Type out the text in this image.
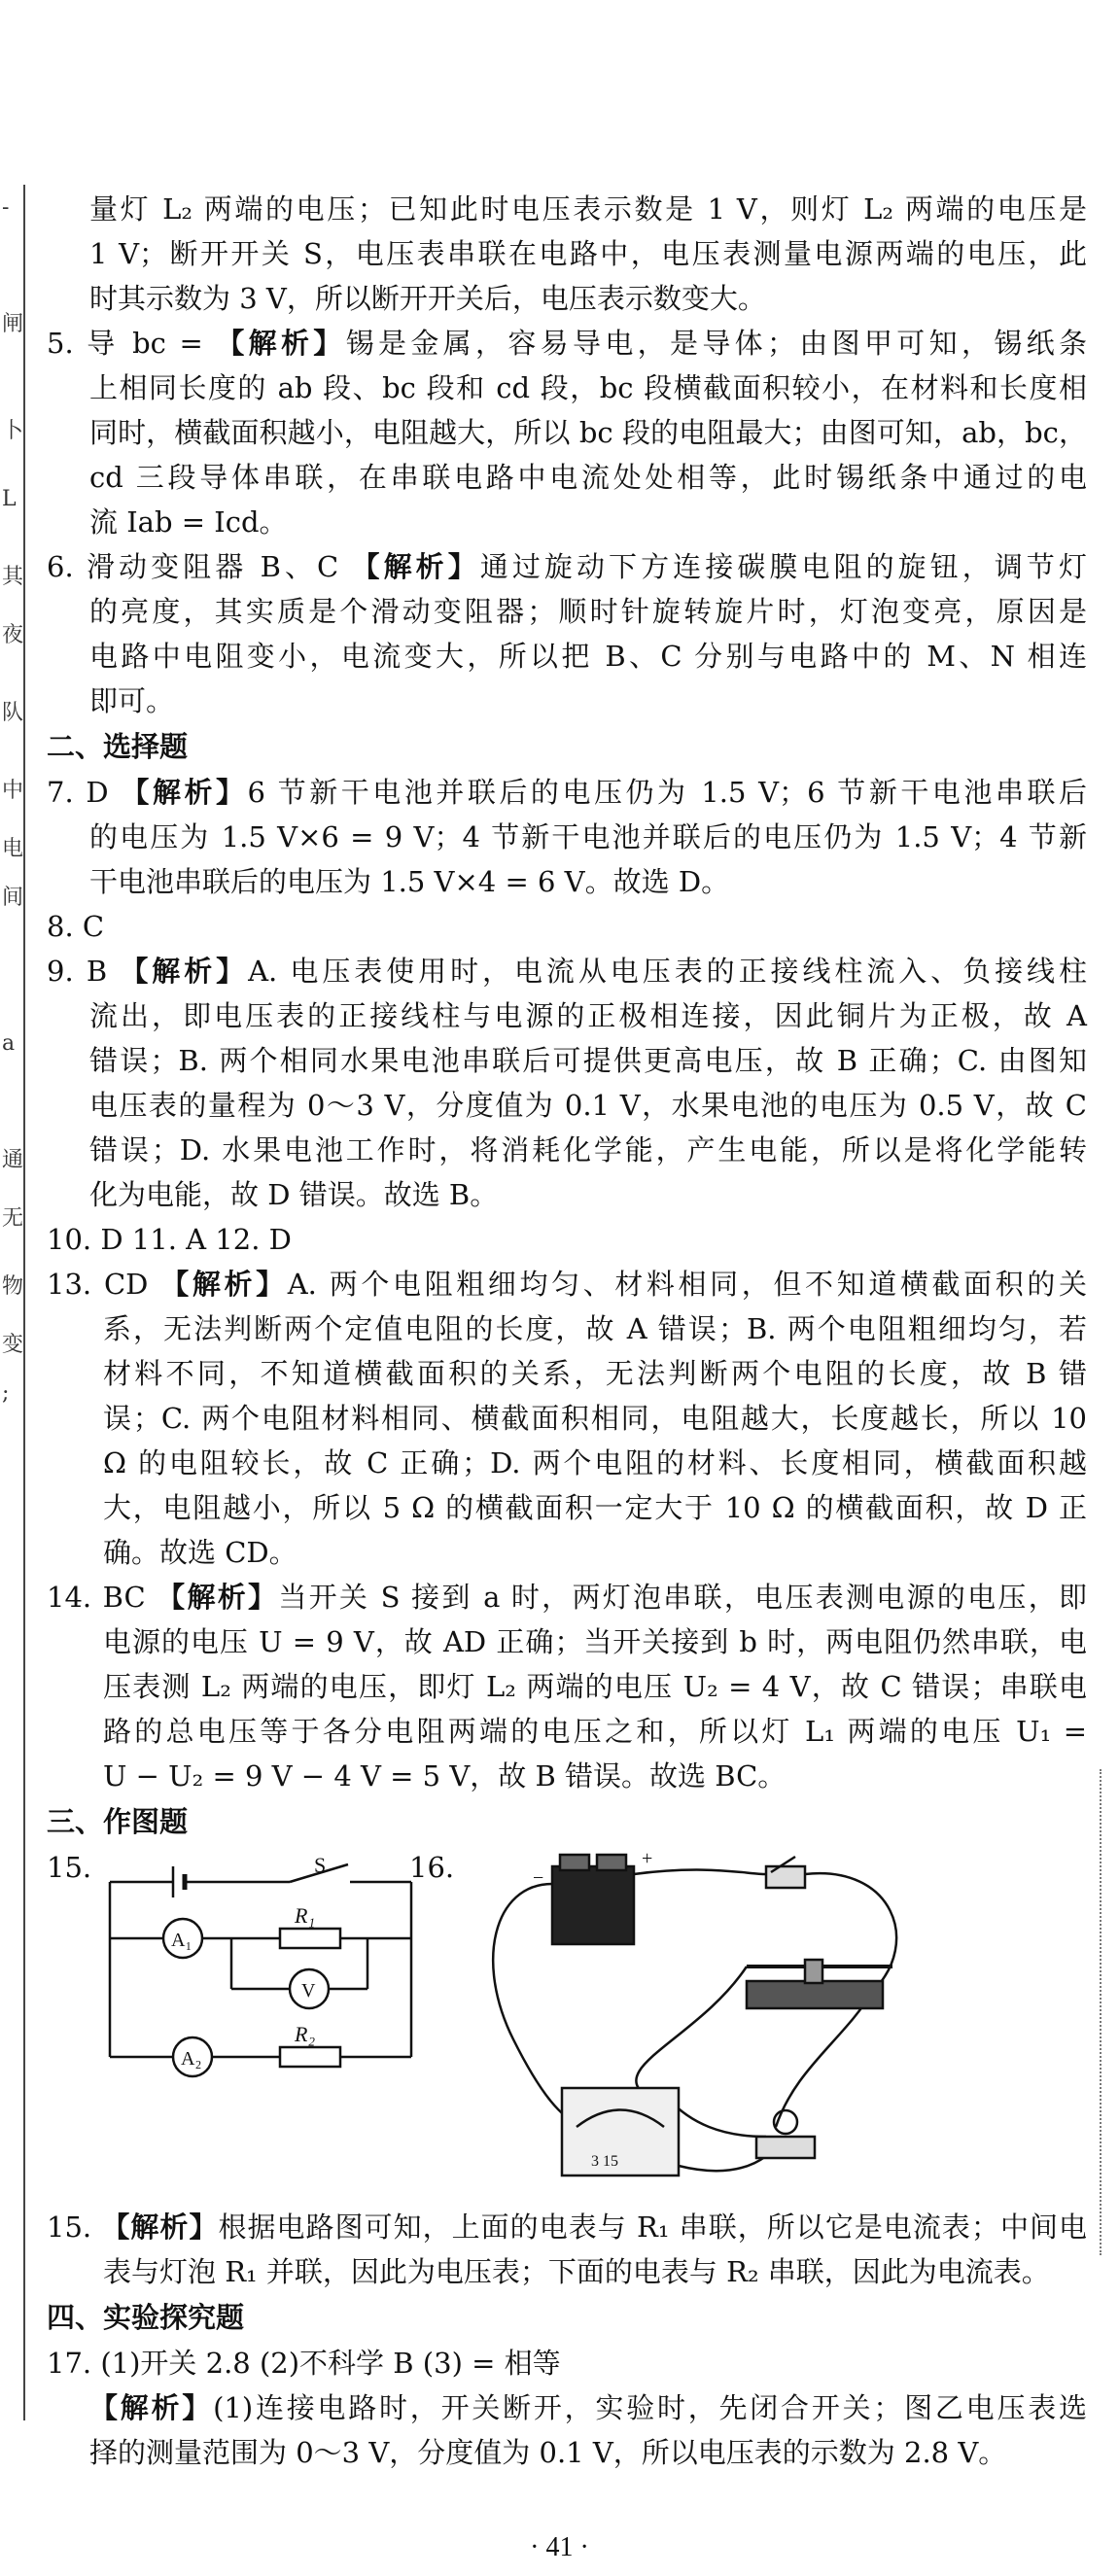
-
闸
卜
L
其
夜
队
中
电
间
a
通
无
物
变
;
量灯 L₂ 两端的电压；已知此时电压表示数是 1 V，则灯 L₂ 两端的电压是
1 V；断开开关 S，电压表串联在电路中，电压表测量电源两端的电压，此
时其示数为 3 V，所以断开开关后，电压表示数变大。
5. 导 bc = 【解析】锡是金属，容易导电，是导体；由图甲可知，锡纸条
上相同长度的 ab 段、bc 段和 cd 段，bc 段横截面积较小，在材料和长度相
同时，横截面积越小，电阻越大，所以 bc 段的电阻最大；由图可知，ab，bc，
cd 三段导体串联，在串联电路中电流处处相等，此时锡纸条中通过的电
流 Iab = Icd。
6. 滑动变阻器 B、C 【解析】通过旋动下方连接碳膜电阻的旋钮，调节灯
的亮度，其实质是个滑动变阻器；顺时针旋转旋片时，灯泡变亮，原因是
电路中电阻变小，电流变大，所以把 B、C 分别与电路中的 M、N 相连
即可。
二、选择题
7. D 【解析】6 节新干电池并联后的电压仍为 1.5 V；6 节新干电池串联后
的电压为 1.5 V×6 = 9 V；4 节新干电池并联后的电压仍为 1.5 V；4 节新
干电池串联后的电压为 1.5 V×4 = 6 V。故选 D。
8. C
9. B 【解析】A. 电压表使用时，电流从电压表的正接线柱流入、负接线柱
流出，即电压表的正接线柱与电源的正极相连接，因此铜片为正极，故 A
错误；B. 两个相同水果电池串联后可提供更高电压，故 B 正确；C. 由图知
电压表的量程为 0～3 V，分度值为 0.1 V，水果电池的电压为 0.5 V，故 C
错误；D. 水果电池工作时，将消耗化学能，产生电能，所以是将化学能转
化为电能，故 D 错误。故选 B。
10. D 11. A 12. D
13. CD 【解析】A. 两个电阻粗细均匀、材料相同，但不知道横截面积的关
系，无法判断两个定值电阻的长度，故 A 错误；B. 两个电阻粗细均匀，若
材料不同，不知道横截面积的关系，无法判断两个电阻的长度，故 B 错
误；C. 两个电阻材料相同、横截面积相同，电阻越大，长度越长，所以 10
Ω 的电阻较长，故 C 正确；D. 两个电阻的材料、长度相同，横截面积越
大，电阻越小，所以 5 Ω 的横截面积一定大于 10 Ω 的横截面积，故 D 正
确。故选 CD。
14. BC 【解析】当开关 S 接到 a 时，两灯泡串联，电压表测电源的电压，即
电源的电压 U = 9 V，故 AD 正确；当开关接到 b 时，两电阻仍然串联，电
压表测 L₂ 两端的电压，即灯 L₂ 两端的电压 U₂ = 4 V，故 C 错误；串联电
路的总电压等于各分电阻两端的电压之和，所以灯 L₁ 两端的电压 U₁ =
U − U₂ = 9 V − 4 V = 5 V，故 B 错误。故选 BC。
三、作图题
15.	S
R₁
R₂
A₁
A₂
V
16.	−
+
3 15
15. 【解析】根据电路图可知，上面的电表与 R₁ 串联，所以它是电流表；中间电
表与灯泡 R₁ 并联，因此为电压表；下面的电表与 R₂ 串联，因此为电流表。
四、实验探究题
17. (1)开关 2.8 (2)不科学 B (3) = 相等
【解析】(1)连接电路时，开关断开，实验时，先闭合开关；图乙电压表选
择的测量范围为 0～3 V，分度值为 0.1 V，所以电压表的示数为 2.8 V。
· 41 ·
